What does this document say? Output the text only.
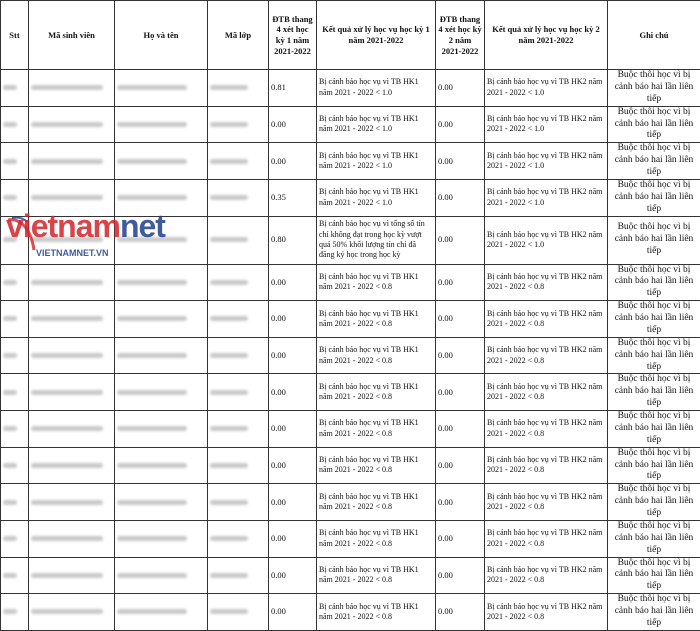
Stt	Mã sinh viên	Họ và tên	Mã lớp	ĐTB thang 4 xét học kỳ 1 năm 2021-2022	Kết quả xử lý học vụ học kỳ 1 năm 2021-2022	ĐTB thang 4 xét học kỳ 2 năm 2021-2022	Kết quả xử lý học vụ học kỳ 2 năm 2021-2022	Ghi chú
				0.81	Bị cảnh báo học vụ vì TB HK1 năm 2021 - 2022 < 1.0	0.00	Bị cảnh báo học vụ vì TB HK2 năm 2021 - 2022 < 1.0	Buộc thôi học vì bị cảnh báo hai lần liên tiếp
				0.00	Bị cảnh báo học vụ vì TB HK1 năm 2021 - 2022 < 1.0	0.00	Bị cảnh báo học vụ vì TB HK2 năm 2021 - 2022 < 1.0	Buộc thôi học vì bị cảnh báo hai lần liên tiếp
				0.00	Bị cảnh báo học vụ vì TB HK1 năm 2021 - 2022 < 1.0	0.00	Bị cảnh báo học vụ vì TB HK2 năm 2021 - 2022 < 1.0	Buộc thôi học vì bị cảnh báo hai lần liên tiếp
				0.35	Bị cảnh báo học vụ vì TB HK1 năm 2021 - 2022 < 1.0	0.00	Bị cảnh báo học vụ vì TB HK2 năm 2021 - 2022 < 1.0	Buộc thôi học vì bị cảnh báo hai lần liên tiếp
				0.80	Bị cảnh báo học vụ vì tổng số tín chỉ không đạt trong học kỳ vượt quá 50% khối lượng tín chỉ đã đăng ký học trong học kỳ	0.00	Bị cảnh báo học vụ vì TB HK2 năm 2021 - 2022 < 1.0	Buộc thôi học vì bị cảnh báo hai lần liên tiếp
				0.00	Bị cảnh báo học vụ vì TB HK1 năm 2021 - 2022 < 0.8	0.00	Bị cảnh báo học vụ vì TB HK2 năm 2021 - 2022 < 0.8	Buộc thôi học vì bị cảnh báo hai lần liên tiếp
				0.00	Bị cảnh báo học vụ vì TB HK1 năm 2021 - 2022 < 0.8	0.00	Bị cảnh báo học vụ vì TB HK2 năm 2021 - 2022 < 0.8	Buộc thôi học vì bị cảnh báo hai lần liên tiếp
				0.00	Bị cảnh báo học vụ vì TB HK1 năm 2021 - 2022 < 0.8	0.00	Bị cảnh báo học vụ vì TB HK2 năm 2021 - 2022 < 0.8	Buộc thôi học vì bị cảnh báo hai lần liên tiếp
				0.00	Bị cảnh báo học vụ vì TB HK1 năm 2021 - 2022 < 0.8	0.00	Bị cảnh báo học vụ vì TB HK2 năm 2021 - 2022 < 0.8	Buộc thôi học vì bị cảnh báo hai lần liên tiếp
				0.00	Bị cảnh báo học vụ vì TB HK1 năm 2021 - 2022 < 0.8	0.00	Bị cảnh báo học vụ vì TB HK2 năm 2021 - 2022 < 0.8	Buộc thôi học vì bị cảnh báo hai lần liên tiếp
				0.00	Bị cảnh báo học vụ vì TB HK1 năm 2021 - 2022 < 0.8	0.00	Bị cảnh báo học vụ vì TB HK2 năm 2021 - 2022 < 0.8	Buộc thôi học vì bị cảnh báo hai lần liên tiếp
				0.00	Bị cảnh báo học vụ vì TB HK1 năm 2021 - 2022 < 0.8	0.00	Bị cảnh báo học vụ vì TB HK2 năm 2021 - 2022 < 0.8	Buộc thôi học vì bị cảnh báo hai lần liên tiếp
				0.00	Bị cảnh báo học vụ vì TB HK1 năm 2021 - 2022 < 0.8	0.00	Bị cảnh báo học vụ vì TB HK2 năm 2021 - 2022 < 0.8	Buộc thôi học vì bị cảnh báo hai lần liên tiếp
				0.00	Bị cảnh báo học vụ vì TB HK1 năm 2021 - 2022 < 0.8	0.00	Bị cảnh báo học vụ vì TB HK2 năm 2021 - 2022 < 0.8	Buộc thôi học vì bị cảnh báo hai lần liên tiếp
				0.00	Bị cảnh báo học vụ vì TB HK1 năm 2021 - 2022 < 0.8	0.00	Bị cảnh báo học vụ vì TB HK2 năm 2021 - 2022 < 0.8	Buộc thôi học vì bị cảnh báo hai lần liên tiếp
vietnamnet
VIETNAMNET.VN
